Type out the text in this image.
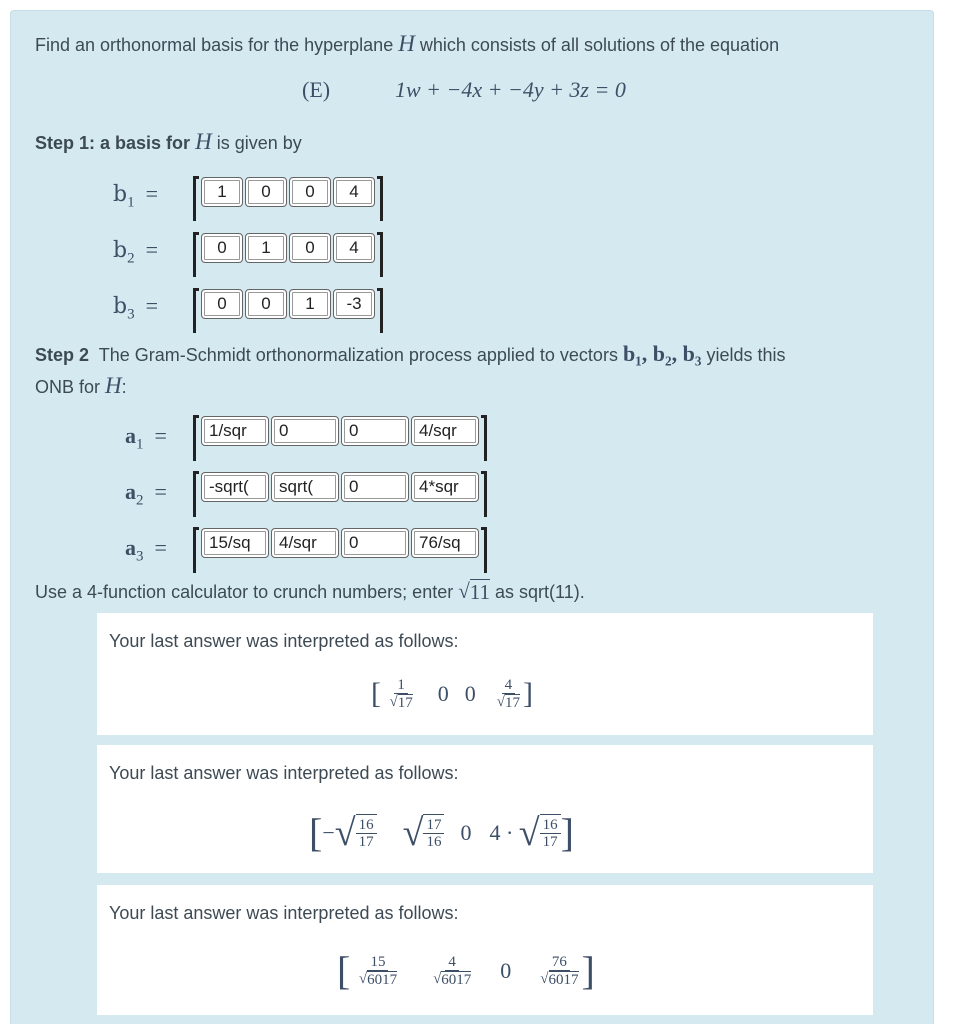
Find an orthonormal basis for the hyperplane H which consists of all solutions of the equation
(E)	1w + −4x + −4y + 3z = 0
Step 1: a basis for H is given by
$b_1$  =	1	0	0	4
$b_2$  =	0	1	0	4
$b_3$  =	0	0	1	-3
Step 2 The Gram-Schmidt orthonormalization process applied to vectors b₁, b₂, b₃ yields this
ONB for H:
$a_1$  =	1/sqr	0	0	4/sqr
$a_2$  =	-sqrt(	sqrt(	0	4*sqr
$a_3$  =	15/sq	4/sqr	0	76/sq
Use a 4-function calculator to crunch numbers; enter √ 11 as sqrt(11).
Your last answer was interpreted as follows:
[
$\frac{1}{√ 17} 0$ $0 \frac{4}{√ 17}$ ]
Your last answer was interpreted as follows:
[ − √ $\frac{16}{17}$ √ $\frac{17}{16} 0$ 4 ·
√ $\frac{16}{17}$ ]
Your last answer was interpreted as follows:
[
$\frac{15}{√ 6017} \frac{4}{√ 6017} 0 \frac{76}{√ 6017}$ ]
